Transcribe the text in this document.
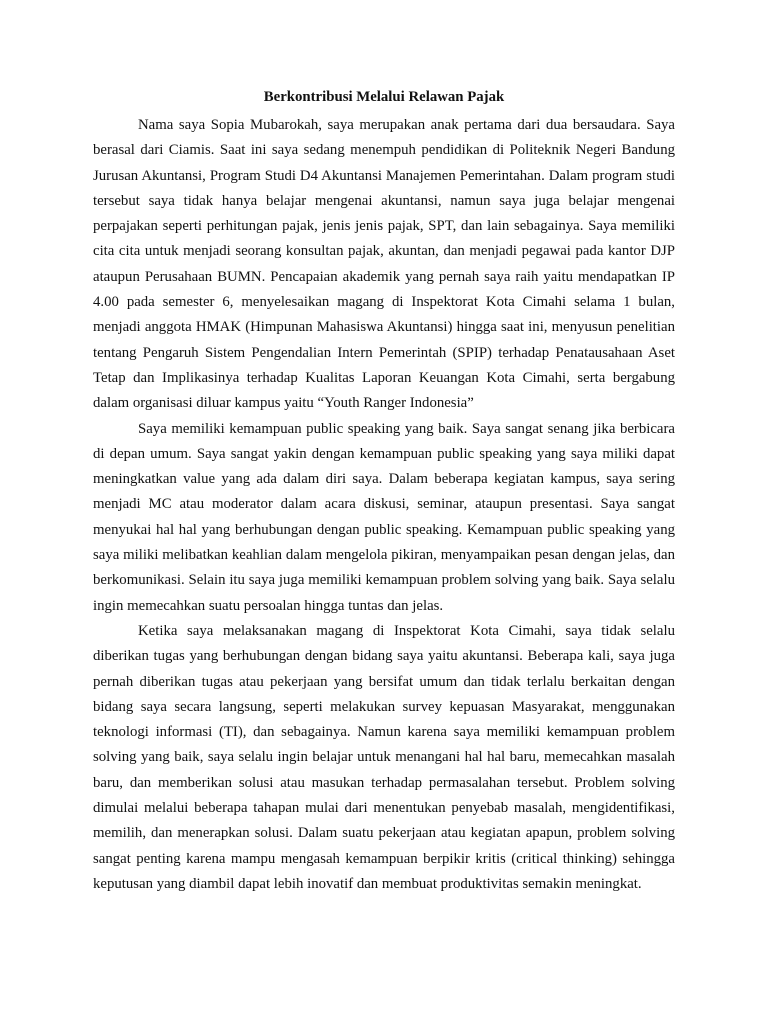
Berkontribusi Melalui Relawan Pajak

Nama saya Sopia Mubarokah, saya merupakan anak pertama dari dua bersaudara. Saya berasal dari Ciamis. Saat ini saya sedang menempuh pendidikan di Politeknik Negeri Bandung Jurusan Akuntansi, Program Studi D4 Akuntansi Manajemen Pemerintahan. Dalam program studi tersebut saya tidak hanya belajar mengenai akuntansi, namun saya juga belajar mengenai perpajakan seperti perhitungan pajak, jenis jenis pajak, SPT, dan lain sebagainya. Saya memiliki cita cita untuk menjadi seorang konsultan pajak, akuntan, dan menjadi pegawai pada kantor DJP ataupun Perusahaan BUMN. Pencapaian akademik yang pernah saya raih yaitu mendapatkan IP 4.00 pada semester 6, menyelesaikan magang di Inspektorat Kota Cimahi selama 1 bulan, menjadi anggota HMAK (Himpunan Mahasiswa Akuntansi) hingga saat ini, menyusun penelitian tentang Pengaruh Sistem Pengendalian Intern Pemerintah (SPIP) terhadap Penatausahaan Aset Tetap dan Implikasinya terhadap Kualitas Laporan Keuangan Kota Cimahi, serta bergabung dalam organisasi diluar kampus yaitu “Youth Ranger Indonesia”

Saya memiliki kemampuan public speaking yang baik. Saya sangat senang jika berbicara di depan umum. Saya sangat yakin dengan kemampuan public speaking yang saya miliki dapat meningkatkan value yang ada dalam diri saya. Dalam beberapa kegiatan kampus, saya sering menjadi MC atau moderator dalam acara diskusi, seminar, ataupun presentasi. Saya sangat menyukai hal hal yang berhubungan dengan public speaking. Kemampuan public speaking yang saya miliki melibatkan keahlian dalam mengelola pikiran, menyampaikan pesan dengan jelas, dan berkomunikasi. Selain itu saya juga memiliki kemampuan problem solving yang baik. Saya selalu ingin memecahkan suatu persoalan hingga tuntas dan jelas.

Ketika saya melaksanakan magang di Inspektorat Kota Cimahi, saya tidak selalu diberikan tugas yang berhubungan dengan bidang saya yaitu akuntansi. Beberapa kali, saya juga pernah diberikan tugas atau pekerjaan yang bersifat umum dan tidak terlalu berkaitan dengan bidang saya secara langsung, seperti melakukan survey kepuasan Masyarakat, menggunakan teknologi informasi (TI), dan sebagainya. Namun karena saya memiliki kemampuan problem solving yang baik, saya selalu ingin belajar untuk menangani hal hal baru, memecahkan masalah baru, dan memberikan solusi atau masukan terhadap permasalahan tersebut. Problem solving dimulai melalui beberapa tahapan mulai dari menentukan penyebab masalah, mengidentifikasi, memilih, dan menerapkan solusi. Dalam suatu pekerjaan atau kegiatan apapun, problem solving sangat penting karena mampu mengasah kemampuan berpikir kritis (critical thinking) sehingga keputusan yang diambil dapat lebih inovatif dan membuat produktivitas semakin meningkat.
